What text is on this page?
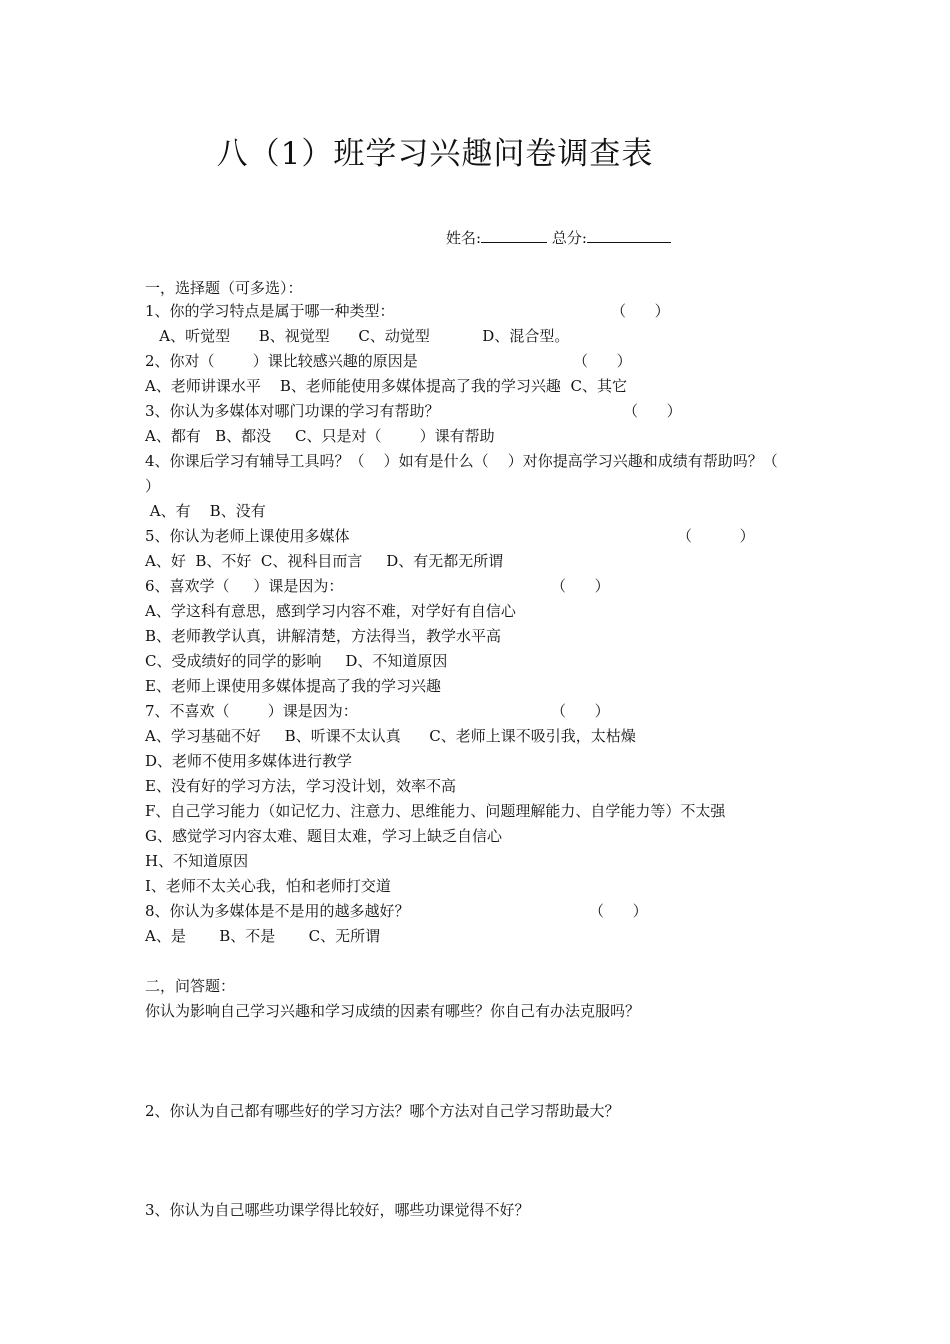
八（1）班学习兴趣问卷调查表
姓名:	总分:
一，选择题（可多选）：
1、你的学习特点是属于哪一种类型：	（      ）
A、听觉型      B、视觉型      C、动觉型           D、混合型。
2、你对（        ）课比较感兴趣的原因是	（      ）
A、老师讲课水平    B、老师能使用多媒体提高了我的学习兴趣  C、其它
3、你认为多媒体对哪门功课的学习有帮助？	（      ）
A、都有   B、都没     C、只是对（        ）课有帮助
4、你课后学习有辅导工具吗？（    ）如有是什么（    ）对你提高学习兴趣和成绩有帮助吗？（
）
A、有    B、没有
5、你认为老师上课使用多媒体	（          ）
A、好  B、不好  C、视科目而言     D、有无都无所谓
6、喜欢学（     ）课是因为：	（      ）
A、学这科有意思，感到学习内容不难，对学好有自信心
B、老师教学认真，讲解清楚，方法得当，教学水平高
C、受成绩好的同学的影响     D、不知道原因
E、老师上课使用多媒体提高了我的学习兴趣
7、不喜欢（        ）课是因为：	（      ）
A、学习基础不好     B、听课不太认真      C、老师上课不吸引我，太枯燥
D、老师不使用多媒体进行教学
E、没有好的学习方法，学习没计划，效率不高
F、自己学习能力（如记忆力、注意力、思维能力、问题理解能力、自学能力等）不太强
G、感觉学习内容太难、题目太难，学习上缺乏自信心
H、不知道原因
I、老师不太关心我，怕和老师打交道
8、你认为多媒体是不是用的越多越好？	（      ）
A、是       B、不是       C、无所谓
二，问答题：
你认为影响自己学习兴趣和学习成绩的因素有哪些？你自己有办法克服吗？
2、你认为自己都有哪些好的学习方法？哪个方法对自己学习帮助最大？
3、你认为自己哪些功课学得比较好，哪些功课觉得不好？
